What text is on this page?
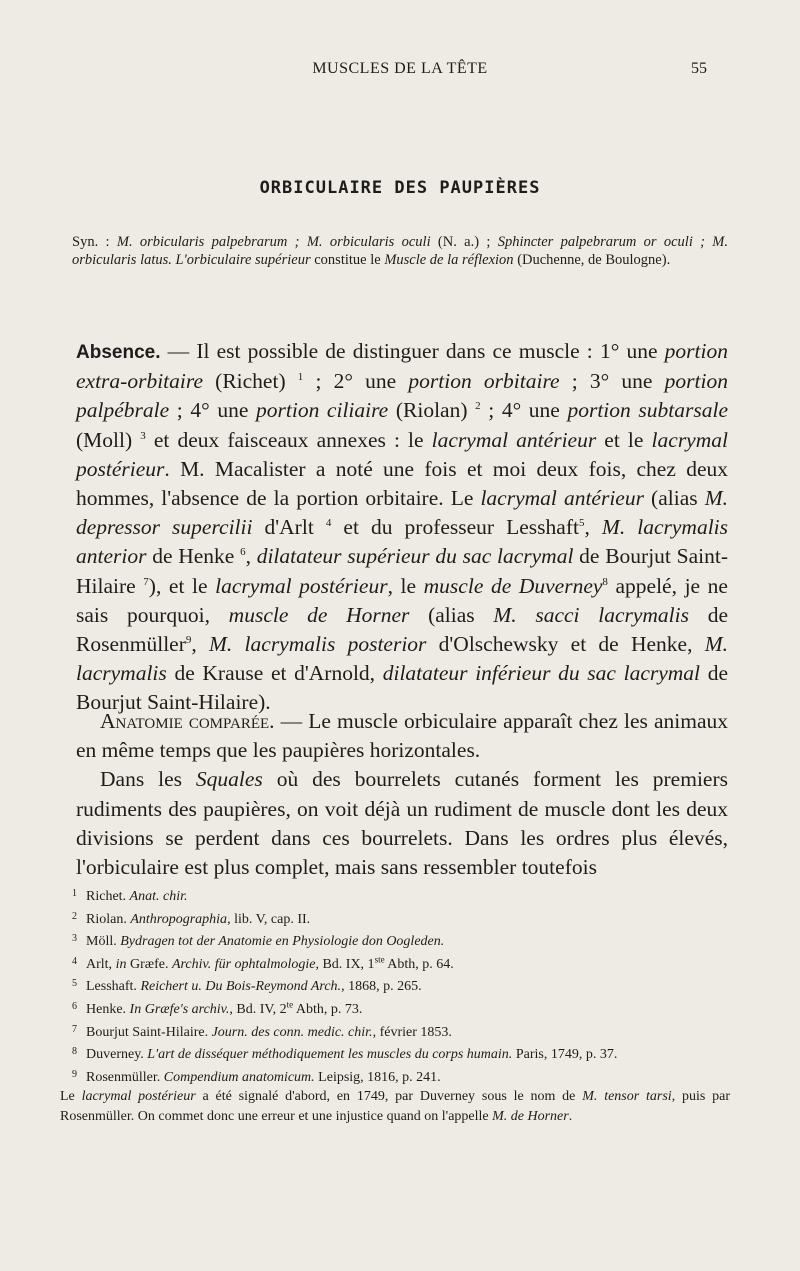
MUSCLES DE LA TÊTE	55
ORBICULAIRE DES PAUPIÈRES

Syn. : M. orbicularis palpebrarum ; M. orbicularis oculi (N. a.) ; Sphincter palpebrarum or oculi ; M. orbicularis latus. L'orbiculaire supérieur constitue le Muscle de la réflexion (Duchenne, de Boulogne).

Absence. — Il est possible de distinguer dans ce muscle : 1° une portion extra-orbitaire (Richet) $^1$ ; 2° une portion orbitaire ; 3° une portion palpébrale ; 4° une portion ciliaire (Riolan) $^2$ ; 4° une portion subtarsale (Moll) $^3$ et deux faisceaux annexes : le lacrymal antérieur et le lacrymal postérieur. M. Macalister a noté une fois et moi deux fois, chez deux hommes, l'absence de la portion orbitaire. Le lacrymal antérieur (alias M. depressor supercilii d'Arlt $^4$ et du professeur Lesshaft$^5$, M. lacrymalis anterior de Henke $^6$, dilatateur supérieur du sac lacrymal de Bourjut Saint-Hilaire $^7$), et le lacrymal postérieur, le muscle de Duverney$^8$ appelé, je ne sais pourquoi, muscle de Horner (alias M. sacci lacrymalis de Rosenmüller$^9$, M. lacrymalis posterior d'Olschewsky et de Henke, M. lacrymalis de Krause et d'Arnold, dilatateur inférieur du sac lacrymal de Bourjut Saint-Hilaire).

Anatomie comparée. — Le muscle orbiculaire apparaît chez les animaux en même temps que les paupières horizontales.

Dans les Squales où des bourrelets cutanés forment les premiers rudiments des paupières, on voit déjà un rudiment de muscle dont les deux divisions se perdent dans ces bourrelets. Dans les ordres plus élevés, l'orbiculaire est plus complet, mais sans ressembler toutefois

1 Richet. Anat. chir.

2 Riolan. Anthropographia, lib. V, cap. II.

3 Möll. Bydragen tot der Anatomie en Physiologie don Oogleden.

4 Arlt, in Græfe. Archiv. für ophtalmologie, Bd. IX, 1ste Abth, p. 64.

5 Lesshaft. Reichert u. Du Bois-Reymond Arch., 1868, p. 265.

6 Henke. In Græfe's archiv., Bd. IV, $2^{te}$ Abth, p. 73.

7 Bourjut Saint-Hilaire. Journ. des conn. medic. chir., février 1853.

8 Duverney. L'art de disséquer méthodiquement les muscles du corps humain. Paris, 1749, p. 37.

9 Rosenmüller. Compendium anatomicum. Leipsig, 1816, p. 241.

Le lacrymal postérieur a été signalé d'abord, en 1749, par Duverney sous le nom de M. tensor tarsi, puis par Rosenmüller. On commet donc une erreur et une injustice quand on l'appelle M. de Horner.
